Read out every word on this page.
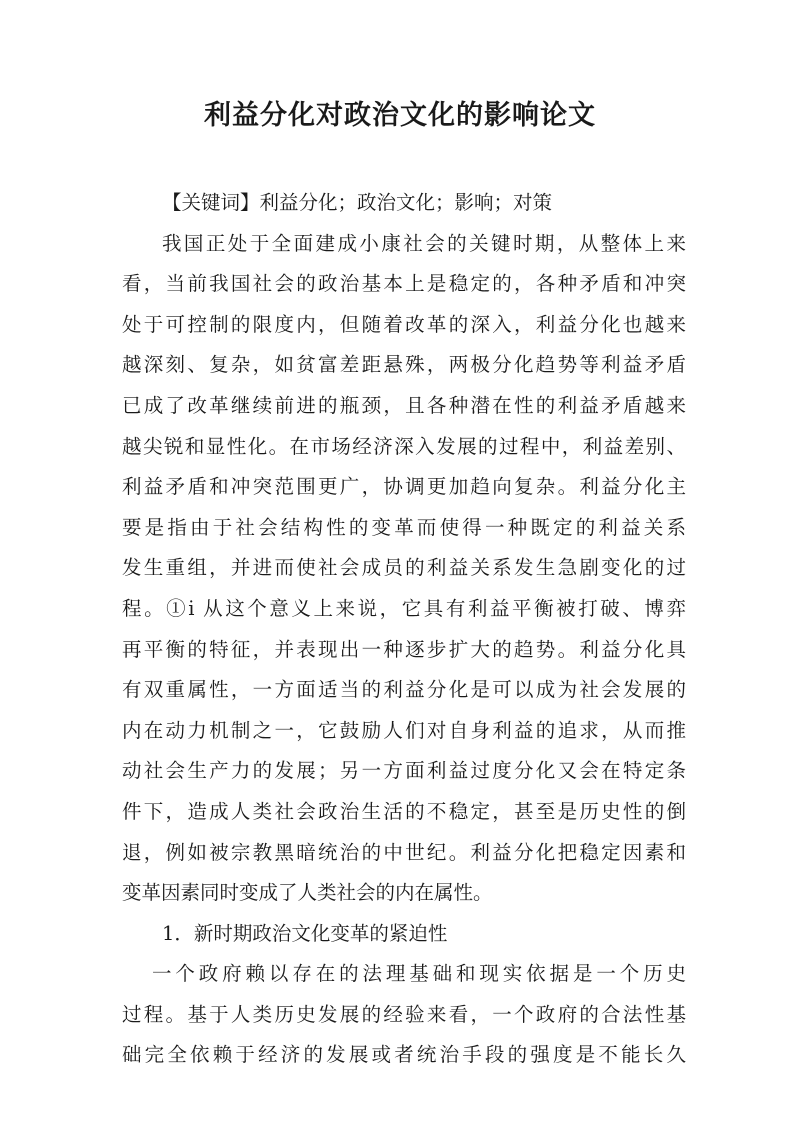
利益分化对政治文化的影响论文
【关键词】利益分化；政治文化；影响；对策
我国正处于全面建成小康社会的关键时期，从整体上来
看，当前我国社会的政治基本上是稳定的，各种矛盾和冲突
处于可控制的限度内，但随着改革的深入，利益分化也越来
越深刻、复杂，如贫富差距悬殊，两极分化趋势等利益矛盾
已成了改革继续前进的瓶颈，且各种潜在性的利益矛盾越来
越尖锐和显性化。在市场经济深入发展的过程中，利益差别、
利益矛盾和冲突范围更广，协调更加趋向复杂。利益分化主
要是指由于社会结构性的变革而使得一种既定的利益关系
发生重组，并进而使社会成员的利益关系发生急剧变化的过
程。①i 从这个意义上来说，它具有利益平衡被打破、博弈
再平衡的特征，并表现出一种逐步扩大的趋势。利益分化具
有双重属性，一方面适当的利益分化是可以成为社会发展的
内在动力机制之一，它鼓励人们对自身利益的追求，从而推
动社会生产力的发展；另一方面利益过度分化又会在特定条
件下，造成人类社会政治生活的不稳定，甚至是历史性的倒
退，例如被宗教黑暗统治的中世纪。利益分化把稳定因素和
变革因素同时变成了人类社会的内在属性。
1．新时期政治文化变革的紧迫性
一个政府赖以存在的法理基础和现实依据是一个历史
过程。基于人类历史发展的经验来看，一个政府的合法性基
础完全依赖于经济的发展或者统治手段的强度是不能长久
